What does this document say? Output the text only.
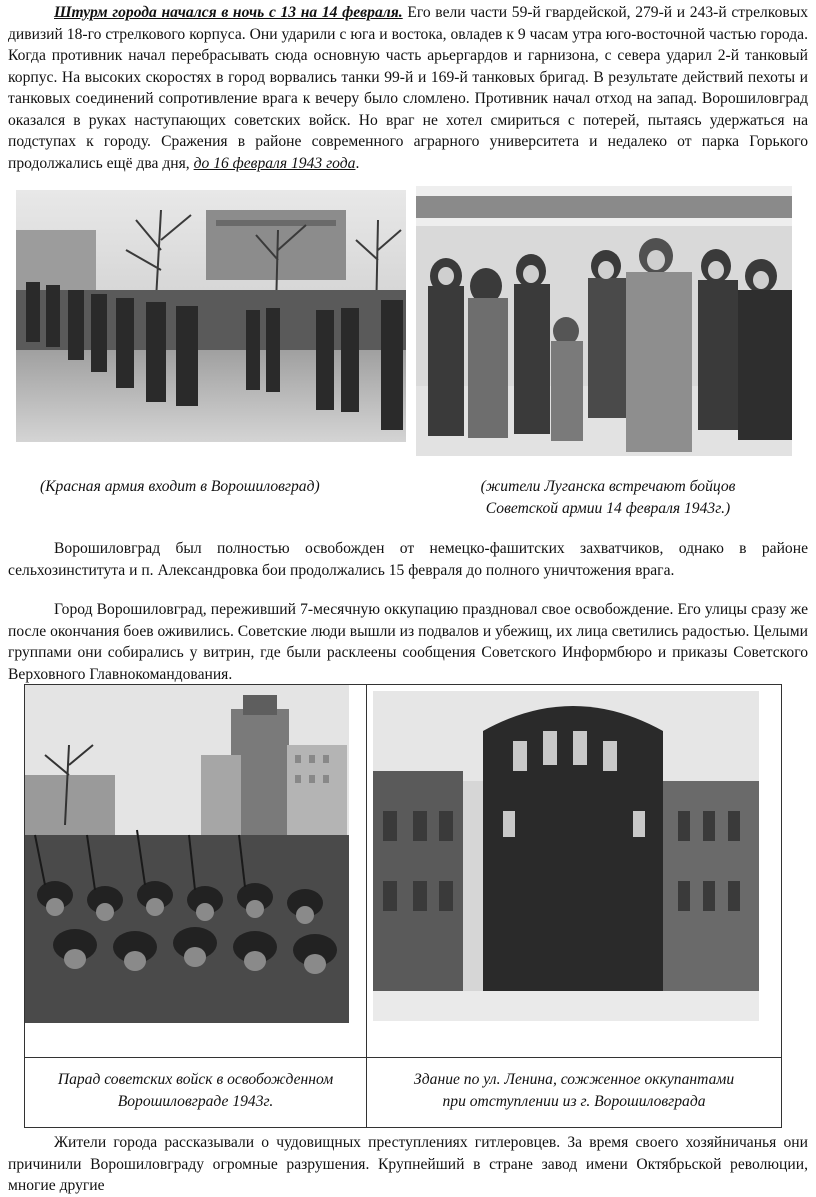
Штурм города начался в ночь с 13 на 14 февраля. Его вели части 59-й гвардейской, 279-й и 243-й стрелковых дивизий 18-го стрелкового корпуса. Они ударили с юга и востока, овладев к 9 часам утра юго-восточной частью города. Когда противник начал перебрасывать сюда основную часть арьергардов и гарнизона, с севера ударил 2-й танковый корпус. На высоких скоростях в город ворвались танки 99-й и 169-й танковых бригад. В результате действий пехоты и танковых соединений сопротивление врага к вечеру было сломлено. Противник начал отход на запад. Ворошиловград оказался в руках наступающих советских войск. Но враг не хотел смириться с потерей, пытаясь удержаться на подступах к городу. Сражения в районе современного аграрного университета и недалеко от парка Горького продолжались ещё два дня, до 16 февраля 1943 года.
(Красная армия входит в Ворошиловград)	(жители Луганска встречают бойцов
Советской армии 14 февраля 1943г.)
Ворошиловград был полностью освобожден от немецко-фашитских захватчиков, однако в районе сельхозинститута и п. Александровка бои продолжались 15 февраля до полного уничтожения врага.
Город Ворошиловград, переживший 7-месячную оккупацию праздновал свое освобождение. Его улицы сразу же после окончания боев оживились. Советские люди вышли из подвалов и убежищ, их лица светились радостью. Целыми группами они собирались у витрин, где были расклеены сообщения Советского Информбюро и приказы Советского Верховного Главнокомандования.
Парад советских войск в освобожденном
Ворошиловграде 1943г.
Здание по ул. Ленина, сожженное оккупантами
при отступлении из г. Ворошиловграда
Жители города рассказывали о чудовищных преступлениях гитлеровцев. За время своего хозяйничанья они причинили Ворошиловграду огромные разрушения. Крупнейший в стране завод имени Октябрьской революции, многие другие
